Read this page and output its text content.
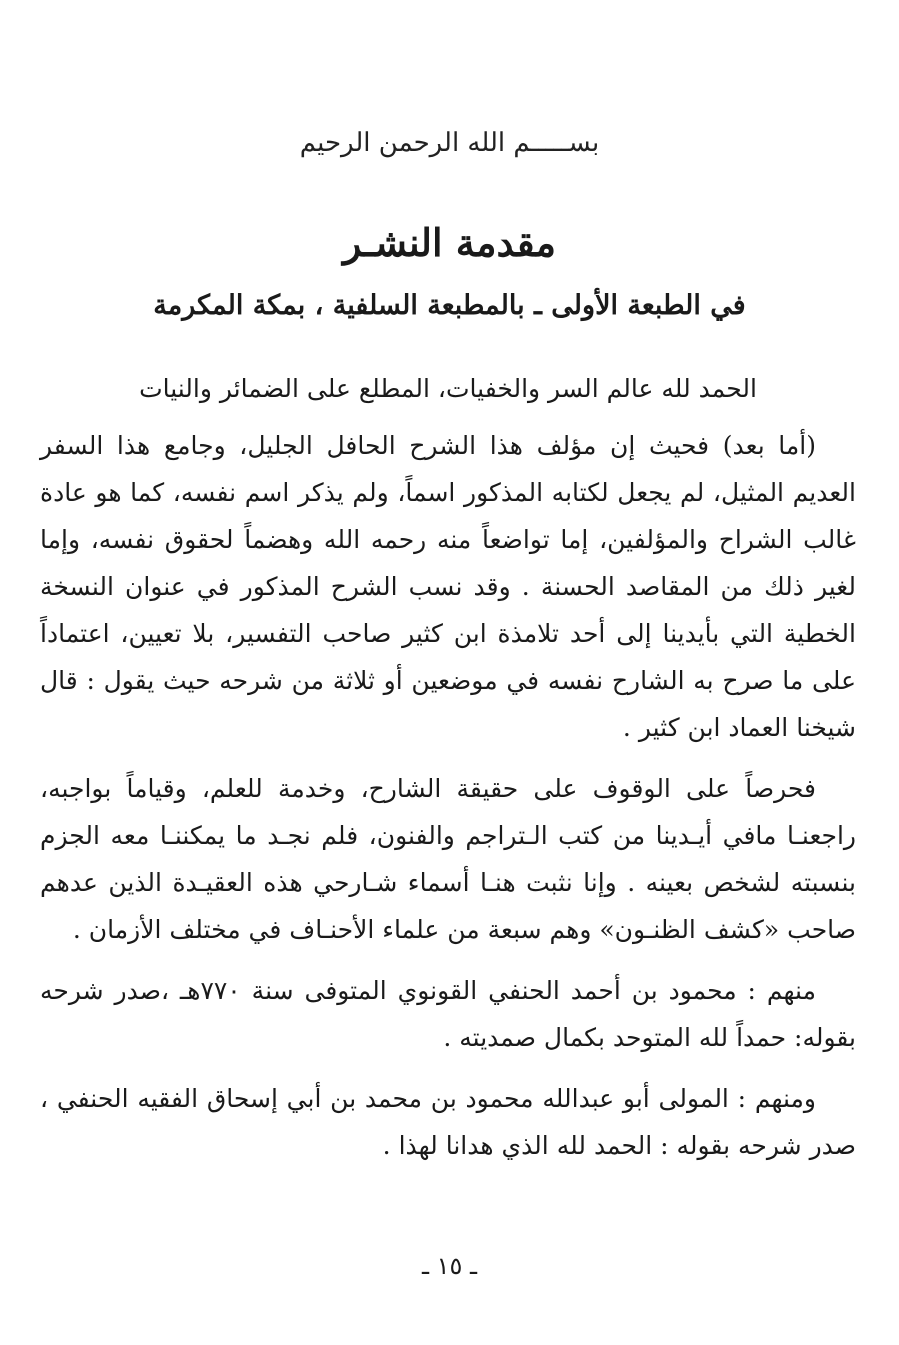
بســـــم الله الرحمن الرحيم
مقدمة النشـر
في الطبعة الأولى ـ بالمطبعة السلفية ، بمكة المكرمة

الحمد لله عالم السر والخفيات، المطلع على الضمائر والنيات

(أما بعد) فحيث إن مؤلف هذا الشرح الحافل الجليل، وجامع هذا السفر العديم المثيل، لم يجعل لكتابه المذكور اسماً، ولم يذكر اسم نفسه، كما هو عادة غالب الشراح والمؤلفين، إما تواضعاً منه رحمه الله وهضماً لحقوق نفسه، وإما لغير ذلك من المقاصد الحسنة . وقد نسب الشرح المذكور في عنوان النسخة الخطية التي بأيدينا إلى أحد تلامذة ابن كثير صاحب التفسير، بلا تعيين، اعتماداً على ما صرح به الشارح نفسه في موضعين أو ثلاثة من شرحه حيث يقول : قال شيخنا العماد ابن كثير .

فحرصاً على الوقوف على حقيقة الشارح، وخدمة للعلم، وقياماً بواجبه، راجعنـا مافي أيـدينا من كتب الـتراجم والفنون، فلم نجـد ما يمكننـا معه الجزم بنسبته لشخص بعينه . وإنا نثبت هنـا أسماء شـارحي هذه العقيـدة الذين عدهم صاحب «كشف الظنـون» وهم سبعة من علماء الأحنـاف في مختلف الأزمان .

منهم : محمود بن أحمد الحنفي القونوي المتوفى سنة ٧٧٠هـ ،صدر شرحه بقوله: حمداً لله المتوحد بكمال صمديته .

ومنهم : المولى أبو عبدالله محمود بن محمد بن أبي إسحاق الفقيه الحنفي ، صدر شرحه بقوله : الحمد لله الذي هدانا لهذا .

ـ ١٥ ـ
